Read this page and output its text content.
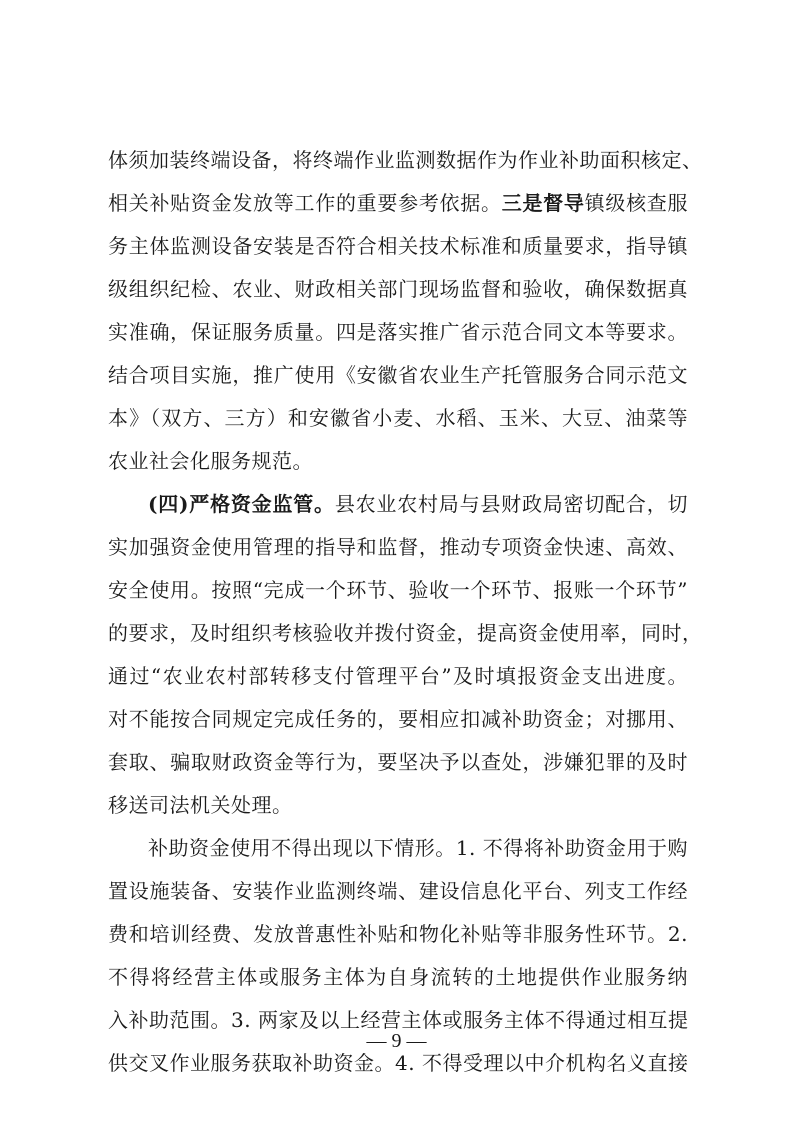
体须加装终端设备，将终端作业监测数据作为作业补助面积核定、
相关补贴资金发放等工作的重要参考依据。三是督导镇级核查服
务主体监测设备安装是否符合相关技术标准和质量要求，指导镇
级组织纪检、农业、财政相关部门现场监督和验收，确保数据真
实准确，保证服务质量。四是落实推广省示范合同文本等要求。
结合项目实施，推广使用《安徽省农业生产托管服务合同示范文
本》（双方、三方）和安徽省小麦、水稻、玉米、大豆、油菜等
农业社会化服务规范。
(四)严格资金监管。县农业农村局与县财政局密切配合，切
实加强资金使用管理的指导和监督，推动专项资金快速、高效、
安全使用。按照“完成一个环节、验收一个环节、报账一个环节”
的要求，及时组织考核验收并拨付资金，提高资金使用率，同时，
通过“农业农村部转移支付管理平台”及时填报资金支出进度。
对不能按合同规定完成任务的，要相应扣减补助资金；对挪用、
套取、骗取财政资金等行为，要坚决予以查处，涉嫌犯罪的及时
移送司法机关处理。
补助资金使用不得出现以下情形。1. 不得将补助资金用于购
置设施装备、安装作业监测终端、建设信息化平台、列支工作经
费和培训经费、发放普惠性补贴和物化补贴等非服务性环节。2.
不得将经营主体或服务主体为自身流转的土地提供作业服务纳
入补助范围。3. 两家及以上经营主体或服务主体不得通过相互提
供交叉作业服务获取补助资金。4. 不得受理以中介机构名义直接
— 9 —
